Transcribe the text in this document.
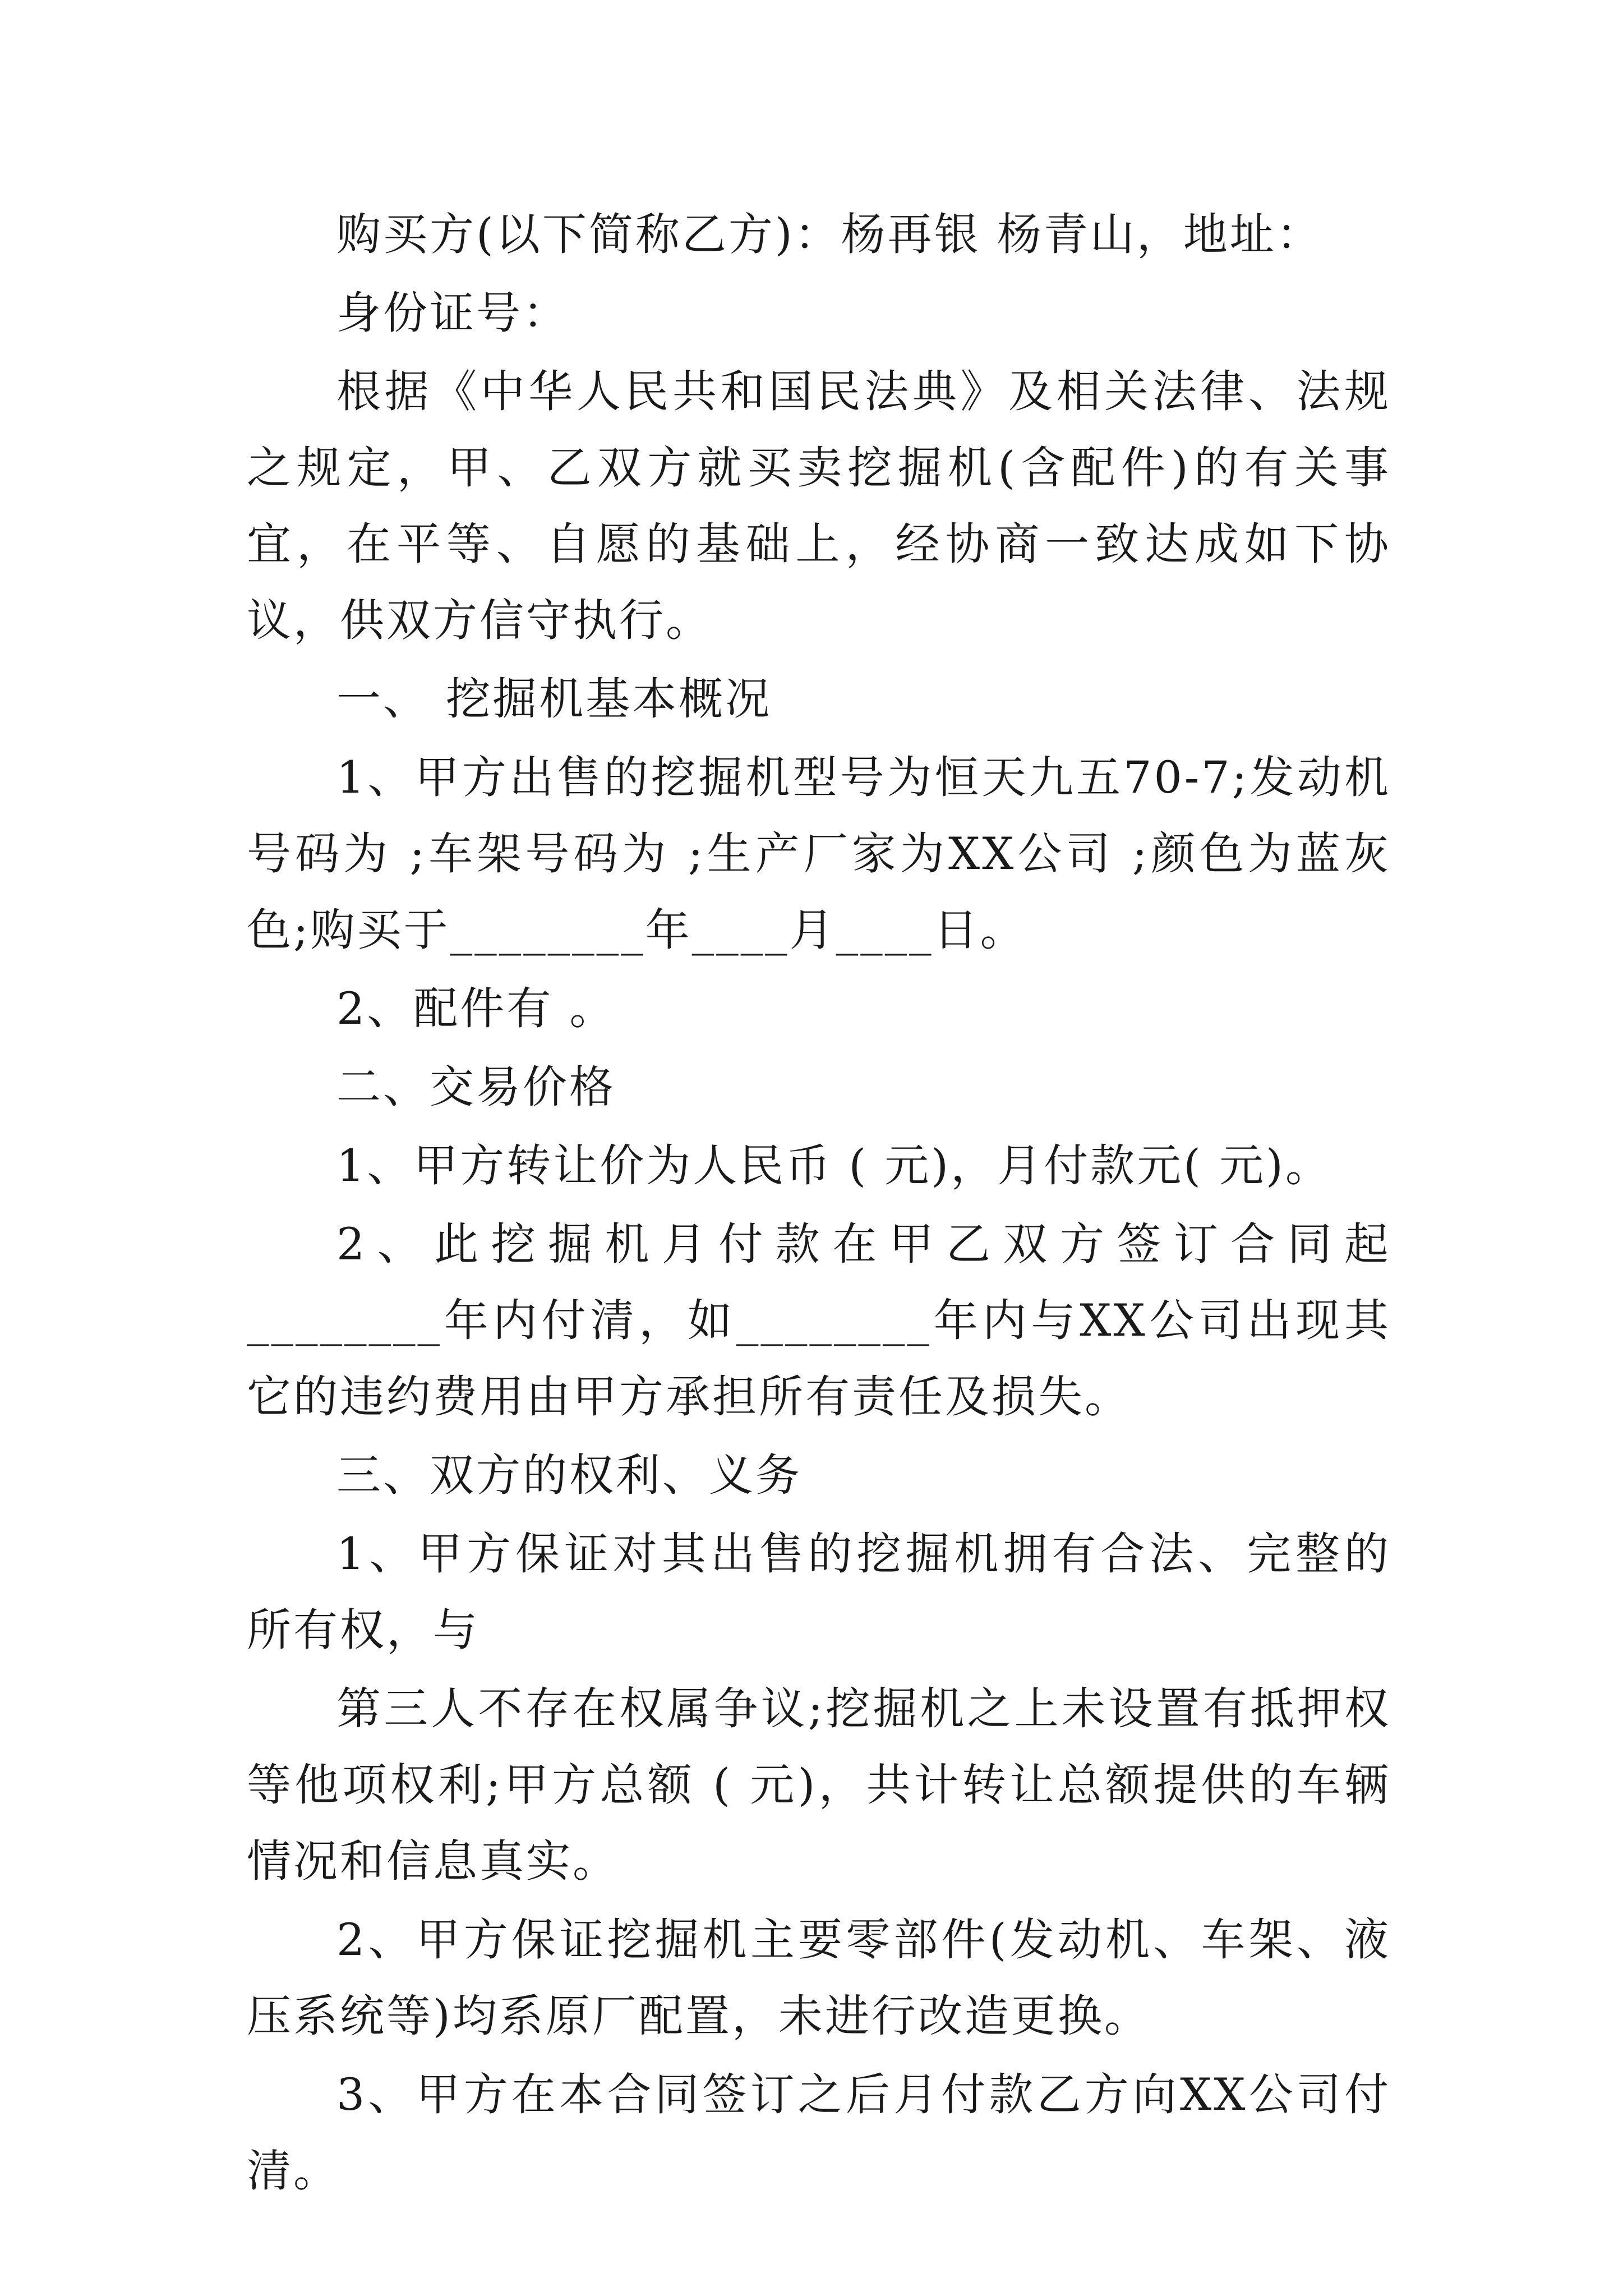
购买方(以下简称乙方)：杨再银 杨青山，地址：

身份证号：

根据《中华人民共和国民法典》及相关法律、法规之规定，甲、乙双方就买卖挖掘机(含配件)的有关事宜，在平等、自愿的基础上，经协商一致达成如下协议，供双方信守执行。

一、 挖掘机基本概况

1、甲方出售的挖掘机型号为恒天九五70-7;发动机号码为 ;车架号码为 ;生产厂家为XX公司 ;颜色为蓝灰色;购买于________年____月____日。

2、配件有 。

二、交易价格

1、甲方转让价为人民币 ( 元)，月付款元( 元)。

2、此挖掘机月付款在甲乙双方签订合同起________年内付清，如________年内与XX公司出现其它的违约费用由甲方承担所有责任及损失。

三、双方的权利、义务

1、甲方保证对其出售的挖掘机拥有合法、完整的所有权，与

第三人不存在权属争议;挖掘机之上未设置有抵押权等他项权利;甲方总额 ( 元)，共计转让总额提供的车辆情况和信息真实。

2、甲方保证挖掘机主要零部件(发动机、车架、液压系统等)均系原厂配置，未进行改造更换。

3、甲方在本合同签订之后月付款乙方向XX公司付清。
